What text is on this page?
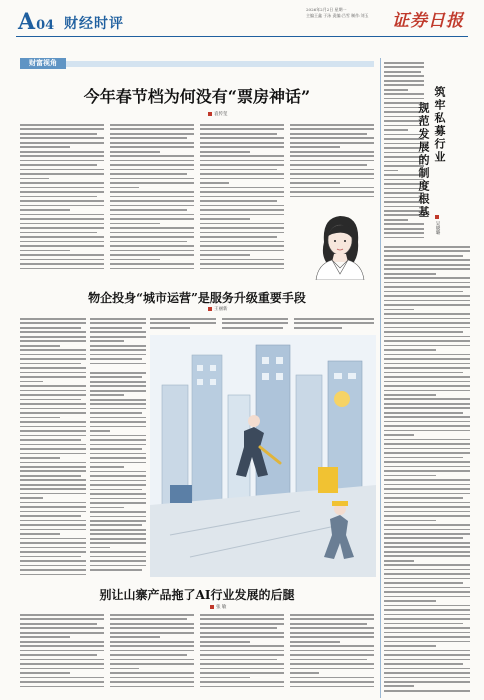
A04 财经时评
2026年2月2日 星期一
主编王鑫 于泳 责编:吕雪 制作:刘玉	证券日报
财富视角
今年春节档为何没有“票房神话”
袁传玺
物企投身“城市运营”是服务升级重要手段
王丽新
别让山寨产品拖了AI行业发展的后腿
张 敏
筑牢私募行业
规范发展的制度根基
吴晓璐
